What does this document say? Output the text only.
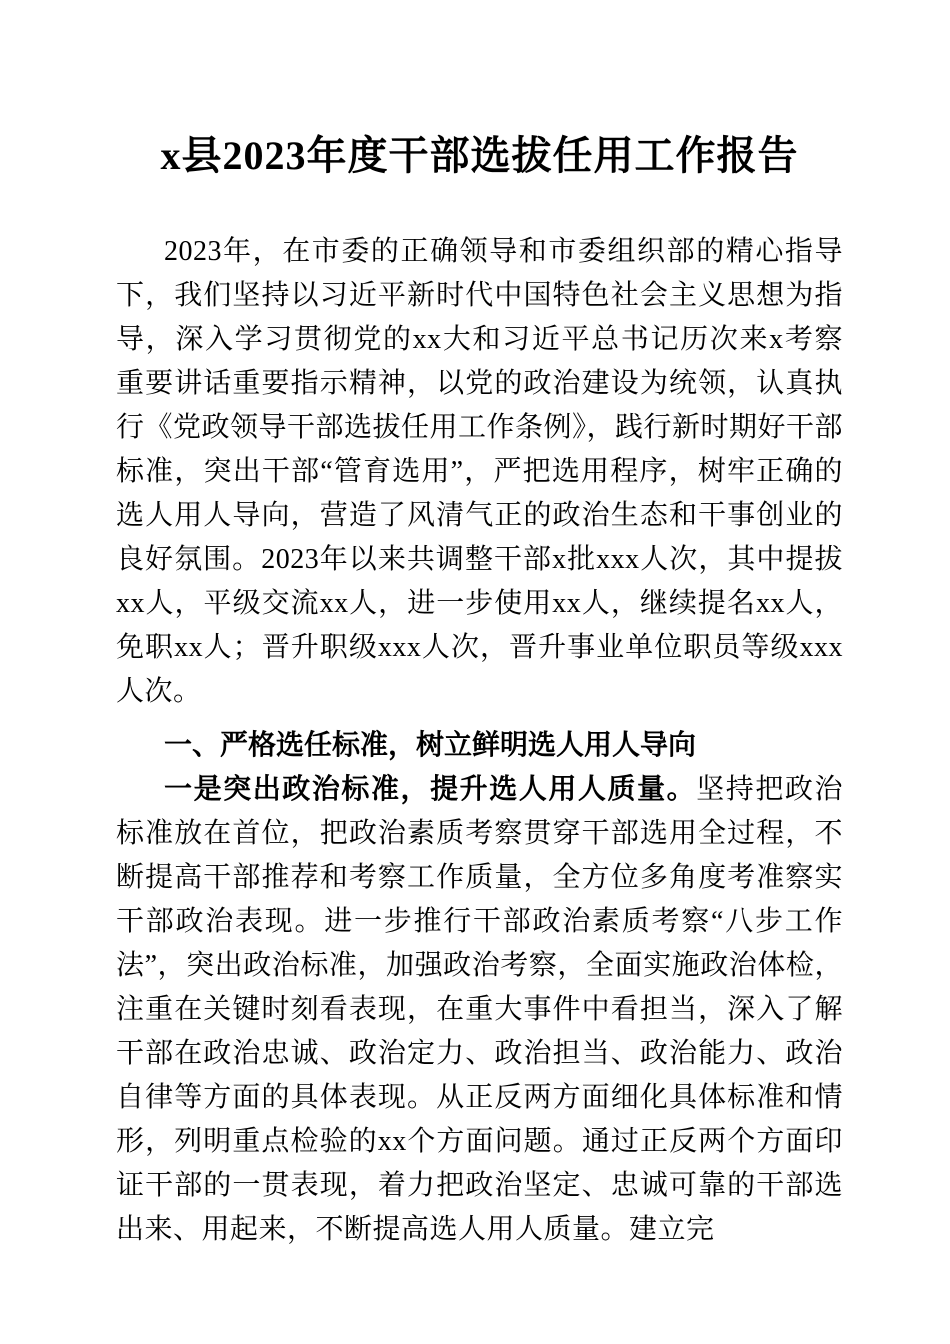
x县2023年度干部选拔任用工作报告

2023年，在市委的正确领导和市委组织部的精心指导下，我们坚持以习近平新时代中国特色社会主义思想为指导，深入学习贯彻党的xx大和习近平总书记历次来x考察重要讲话重要指示精神，以党的政治建设为统领，认真执行《党政领导干部选拔任用工作条例》，践行新时期好干部标准，突出干部“管育选用”，严把选用程序，树牢正确的选人用人导向，营造了风清气正的政治生态和干事创业的良好氛围。2023年以来共调整干部x批xxx人次，其中提拔xx人，平级交流xx人，进一步使用xx人，继续提名xx人，免职xx人；晋升职级xxx人次，晋升事业单位职员等级xxx人次。

一、严格选任标准，树立鲜明选人用人导向

一是突出政治标准，提升选人用人质量。坚持把政治标准放在首位，把政治素质考察贯穿干部选用全过程，不断提高干部推荐和考察工作质量，全方位多角度考准察实干部政治表现。进一步推行干部政治素质考察“八步工作法”，突出政治标准，加强政治考察，全面实施政治体检，注重在关键时刻看表现，在重大事件中看担当，深入了解干部在政治忠诚、政治定力、政治担当、政治能力、政治自律等方面的具体表现。从正反两方面细化具体标准和情形，列明重点检验的xx个方面问题。通过正反两个方面印证干部的一贯表现，着力把政治坚定、忠诚可靠的干部选出来、用起来，不断提高选人用人质量。建立完
